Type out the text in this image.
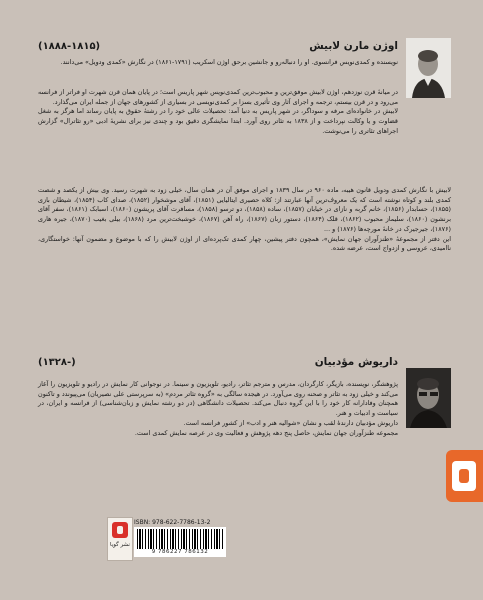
اوژن مارن لابیش
(۱۸۸۸-۱۸۱۵)
نویسنده و کمدی‌نویس فرانسوی. او را دنباله‌رو و جانشین برحق اوژن اسکریب (۱۷۹۱-۱۸۶۱) در نگارش «کمدی ودویل» می‌دانند.
در میانهٔ قرن نوزدهم، اوژن لابیش موفق‌ترین و محبوب‌ترین کمدی‌نویس شهر پاریس است؛ در پایان همان قرن شهرت او فراتر از فرانسه می‌رود و در قرن بیستم، ترجمه و اجرای آثار وی تأثیری بسزا بر کمدی‌نویسی در بسیاری از کشورهای جهان از جمله ایران می‌گذارد.
لابیش در خانواده‌ای مرفه و سوداگر، در شهر پاریس به دنیا آمد: تحصیلات عالی خود را در رشتهٔ حقوق به پایان رساند اما هرگز به شغل قضاوت و یا وکالت نپرداخت و از ۱۸۳۸ به تئاتر روی آورد. ابتدا نمایشگری دقیق بود و چندی نیز برای نشریهٔ ادبی «رو تئاترال» گزارش اجراهای تئاتری را می‌نوشت.
لابیش با نگارش کمدی ودویل قانون هیبه، ماده ۹۶۰ در سال ۱۸۳۹ و اجرای موفق آن در همان سال، خیلی زود به شهرت رسید. وی بیش از یکصد و شصت کمدی بلند و کوتاه نوشته است که یک معروف‌ترین آنها عبارتند از: کلاه حصیری ایتالیایی (۱۸۵۱)، آقای موشخوار (۱۸۵۲)، صدای کاب (۱۸۵۴)، شیطان بازی (۱۸۵۵)، حسابدار (۱۸۵۶)، خانم گربه و نازای در خیابان (۱۸۵۷)، ساده (۱۸۵۸)، دو ترسو (۱۸۵۸)، مسافرت آقای پریشون (۱۸۶۰)، اسبابک (۱۸۶۱)، سفر آقای برنشون (۱۸۶۰)، سلیماز محبوب (۱۸۶۲)، قلک (۱۸۶۴)، دستور زبان (۱۸۶۷)، راه آهن (۱۸۶۷)، خوشبخت‌ترین مرد (۱۸۶۸)، بیلی بغیب (۱۸۷۰)، جیره هاری (۱۸۷۶)، جیرجیرک در خانهٔ مورچه‌ها (۱۸۷۶) و ...
این دفتر از مجموعهٔ «طنزآوران جهان نمایش»، همچون دفتر پیشین، چهار کمدی تک‌پرده‌ای از اوژن لابیش را که با موضوع و مضمون آنها: خواستگاری، ناامیدی، عروسی و ازدواج است، عرضه شده.
داریوش مؤدبیان
(۱۳۲۸-)
پژوهشگر، نویسنده، بازیگر، کارگردان، مدرس و مترجم تئاتر، رادیو، تلویزیون و سینما. در نوجوانی کار نمایش در رادیو و تلویزیون را آغاز می‌کند و خیلی زود به تئاتر و صحنه روی می‌آورد. در هیجده سالگی به «گروه تئاتر مردم» (به سرپرستی علی نصیریان) می‌پیوندد و تاکنون همچنان وفادارانه کار خود را با این گروه دنبال می‌کند. تحصیلات دانشگاهی (در دو رشته نمایش و زبان‌شناسی) از فرانسه و ایران، در سیاست و ادبیات و هنر.
داریوش مؤدبیان دارندهٔ لقب و نشان «شوالیه هنر و ادب» از کشور فرانسه است.
مجموعه طنزآوران جهان نمایش، حاصل پنج دهه پژوهش و فعالیت وی در عرصه نمایش کمدی است.
نشر گویا
ISBN: 978-622-7786-13-2
9 786227 786132
